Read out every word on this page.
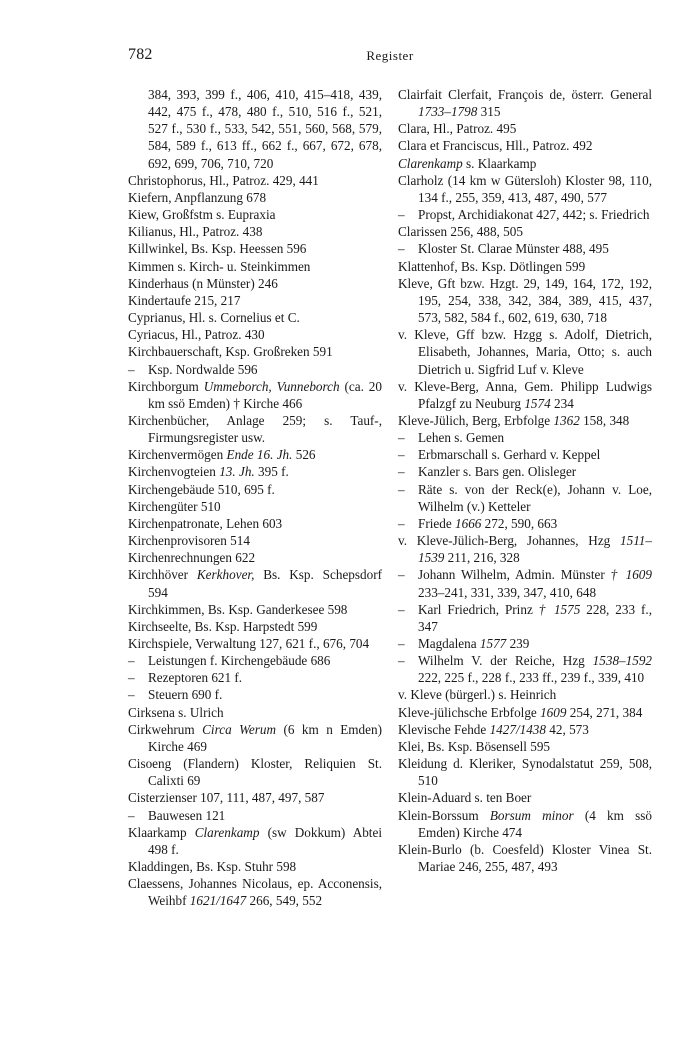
782	Register
384, 393, 399 f., 406, 410, 415–418, 439, 442, 475 f., 478, 480 f., 510, 516 f., 521, 527 f., 530 f., 533, 542, 551, 560, 568, 579, 584, 589 f., 613 ff., 662 f., 667, 672, 678, 692, 699, 706, 710, 720
Christophorus, Hl., Patroz. 429, 441
Kiefern, Anpflanzung 678
Kiew, Großfstm s. Eupraxia
Kilianus, Hl., Patroz. 438
Killwinkel, Bs. Ksp. Heessen 596
Kimmen s. Kirch- u. Steinkimmen
Kinderhaus (n Münster) 246
Kindertaufe 215, 217
Cyprianus, Hl. s. Cornelius et C.
Cyriacus, Hl., Patroz. 430
Kirchbauerschaft, Ksp. Großreken 591
– Ksp. Nordwalde 596
Kirchborgum Ummeborch, Vunneborch (ca. 20 km ssö Emden) † Kirche 466
Kirchenbücher, Anlage 259; s. Tauf-, Firmungsregister usw.
Kirchenvermögen Ende 16. Jh. 526
Kirchenvogteien 13. Jh. 395 f.
Kirchengebäude 510, 695 f.
Kirchengüter 510
Kirchenpatronate, Lehen 603
Kirchenprovisoren 514
Kirchenrechnungen 622
Kirchhöver Kerkhover, Bs. Ksp. Schepsdorf 594
Kirchkimmen, Bs. Ksp. Ganderkesee 598
Kirchseelte, Bs. Ksp. Harpstedt 599
Kirchspiele, Verwaltung 127, 621 f., 676, 704
– Leistungen f. Kirchengebäude 686
– Rezeptoren 621 f.
– Steuern 690 f.
Cirksena s. Ulrich
Cirkwehrum Circa Werum (6 km n Emden) Kirche 469
Cisoeng (Flandern) Kloster, Reliquien St. Calixti 69
Cisterzienser 107, 111, 487, 497, 587
– Bauwesen 121
Klaarkamp Clarenkamp (sw Dokkum) Abtei 498 f.
Kladdingen, Bs. Ksp. Stuhr 598
Claessens, Johannes Nicolaus, ep. Acconensis, Weihbf 1621/1647 266, 549, 552
Clairfait Clerfait, François de, österr. General 1733–1798 315
Clara, Hl., Patroz. 495
Clara et Franciscus, Hll., Patroz. 492
Clarenkamp s. Klaarkamp
Clarholz (14 km w Gütersloh) Kloster 98, 110, 134 f., 255, 359, 413, 487, 490, 577
– Propst, Archidiakonat 427, 442; s. Friedrich
Clarissen 256, 488, 505
– Kloster St. Clarae Münster 488, 495
Klattenhof, Bs. Ksp. Dötlingen 599
Kleve, Gft bzw. Hzgt. 29, 149, 164, 172, 192, 195, 254, 338, 342, 384, 389, 415, 437, 573, 582, 584 f., 602, 619, 630, 718
v. Kleve, Gff bzw. Hzgg s. Adolf, Dietrich, Elisabeth, Johannes, Maria, Otto; s. auch Dietrich u. Sigfrid Luf v. Kleve
v. Kleve-Berg, Anna, Gem. Philipp Ludwigs Pfalzgf zu Neuburg 1574 234
Kleve-Jülich, Berg, Erbfolge 1362 158, 348
– Lehen s. Gemen
– Erbmarschall s. Gerhard v. Keppel
– Kanzler s. Bars gen. Olisleger
– Räte s. von der Reck(e), Johann v. Loe, Wilhelm (v.) Ketteler
– Friede 1666 272, 590, 663
v. Kleve-Jülich-Berg, Johannes, Hzg 1511–1539 211, 216, 328
– Johann Wilhelm, Admin. Münster † 1609 233–241, 331, 339, 347, 410, 648
– Karl Friedrich, Prinz † 1575 228, 233 f., 347
– Magdalena 1577 239
– Wilhelm V. der Reiche, Hzg 1538–1592 222, 225 f., 228 f., 233 ff., 239 f., 339, 410
v. Kleve (bürgerl.) s. Heinrich
Kleve-jülichsche Erbfolge 1609 254, 271, 384
Klevische Fehde 1427/1438 42, 573
Klei, Bs. Ksp. Bösensell 595
Kleidung d. Kleriker, Synodalstatut 259, 508, 510
Klein-Aduard s. ten Boer
Klein-Borssum Borsum minor (4 km ssö Emden) Kirche 474
Klein-Burlo (b. Coesfeld) Kloster Vinea St. Mariae 246, 255, 487, 493
